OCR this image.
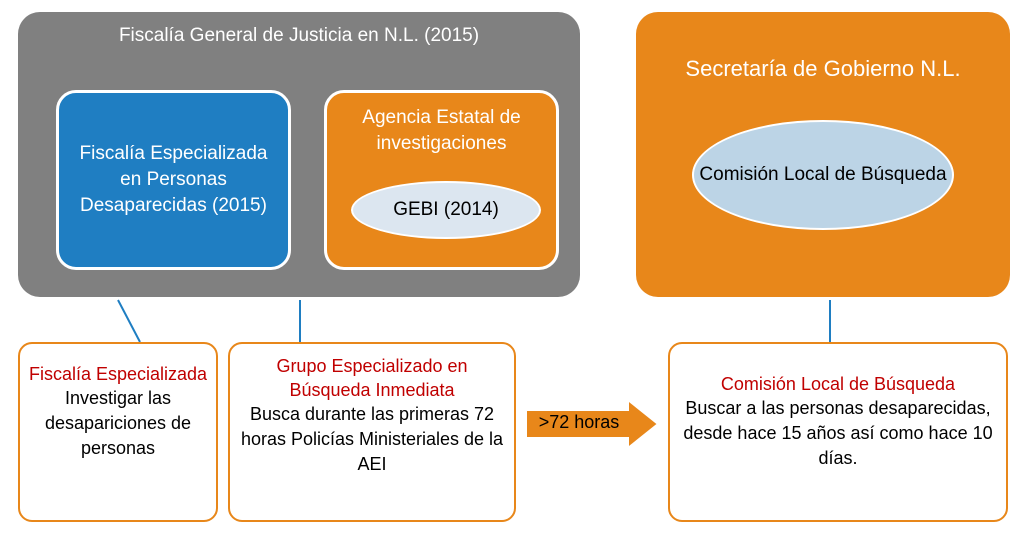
Fiscalía General de Justicia en N.L. (2015)
Fiscalía Especializada en Personas Desaparecidas (2015)
Agencia Estatal de investigaciones
GEBI (2014)
Secretaría de Gobierno N.L.
Comisión Local de Búsqueda
Fiscalía Especializada
Investigar las desapariciones de personas
Grupo Especializado en Búsqueda Inmediata
Busca durante las primeras 72 horas Policías Ministeriales de la AEI
Comisión Local de Búsqueda
Buscar a las personas desaparecidas, desde hace 15 años así como hace 10 días.
>72 horas
